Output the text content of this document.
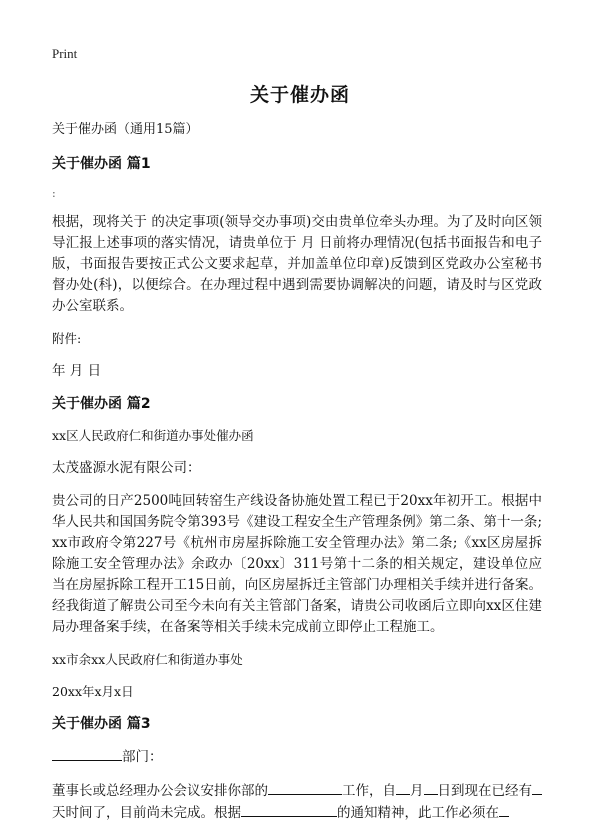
Print
关于催办函
关于催办函（通用15篇）
关于催办函 篇1
:
根据，现将关于 的决定事项(领导交办事项)交由贵单位牵头办理。为了及时向区领导汇报上述事项的落实情况，请贵单位于 月 日前将办理情况(包括书面报告和电子版，书面报告要按正式公文要求起草，并加盖单位印章)反馈到区党政办公室秘书督办处(科)，以便综合。在办理过程中遇到需要协调解决的问题，请及时与区党政办公室联系。
附件:
年 月 日
关于催办函 篇2
xx区人民政府仁和街道办事处催办函
太茂盛源水泥有限公司：
贵公司的日产2500吨回转窑生产线设备协施处置工程已于20xx年初开工。根据中华人民共和国国务院令第393号《建设工程安全生产管理条例》第二条、第十一条;xx市政府令第227号《杭州市房屋拆除施工安全管理办法》第二条;《xx区房屋拆除施工安全管理办法》余政办〔20xx〕311号第十二条的相关规定，建设单位应当在房屋拆除工程开工15日前，向区房屋拆迁主管部门办理相关手续并进行备案。经我街道了解贵公司至今未向有关主管部门备案，请贵公司收函后立即向xx区住建局办理备案手续，在备案等相关手续未完成前立即停止工程施工。
xx市余xx人民政府仁和街道办事处
20xx年x月x日
关于催办函 篇3
部门：
董事长或总经理办公会议安排你部的	工作，自 月 日到现在已经有天时间了，目前尚未完成。根据	的通知精神，此工作必须在
